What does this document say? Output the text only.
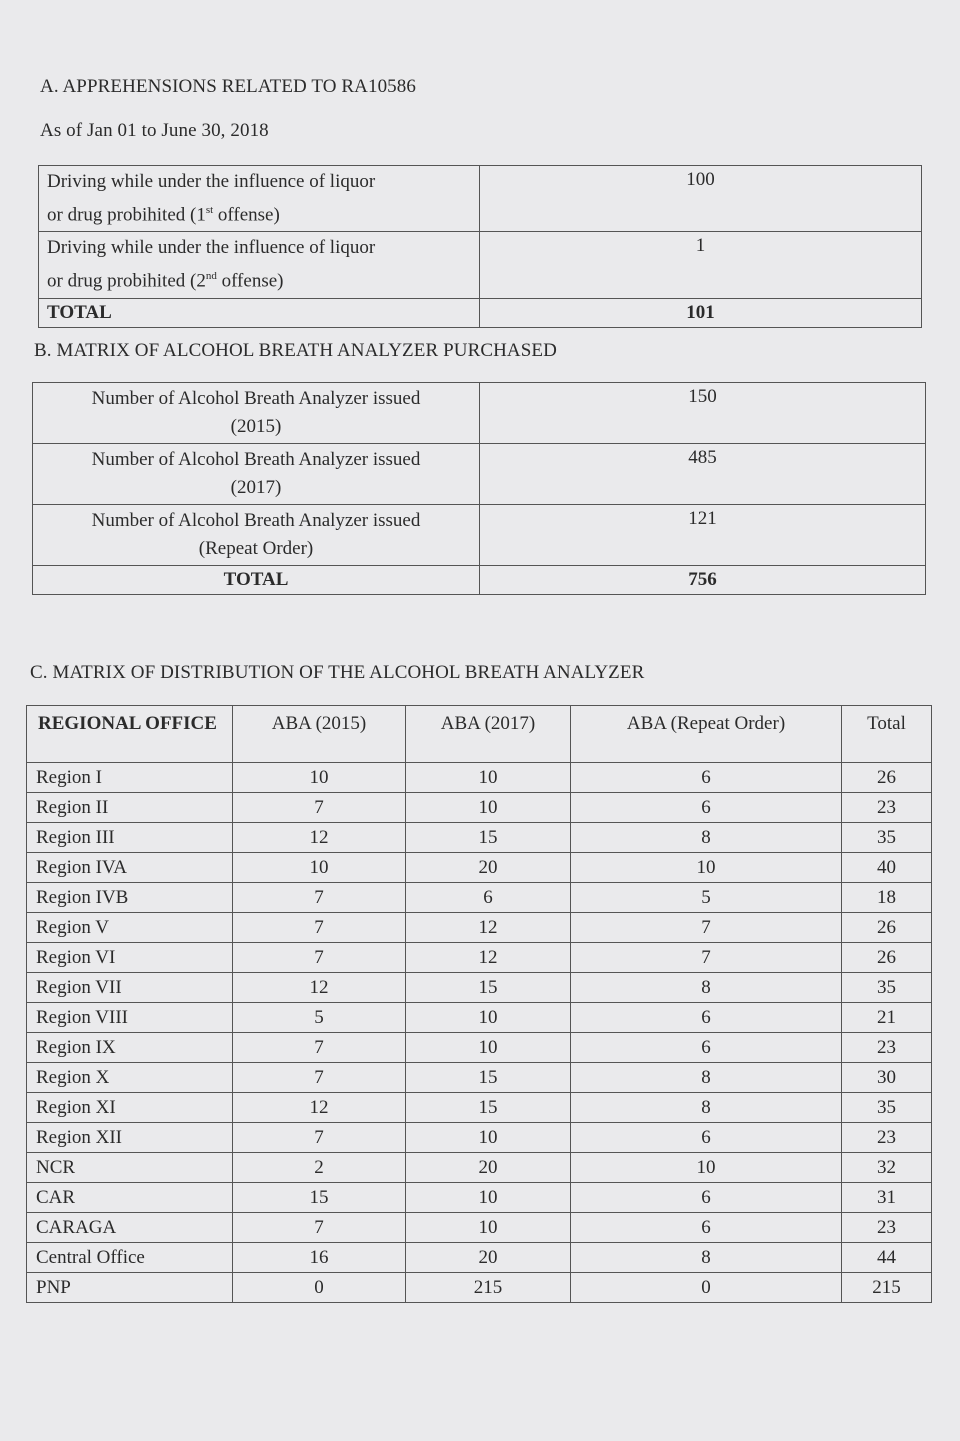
A. APPREHENSIONS RELATED TO RA10586
As of Jan 01 to June 30, 2018
Driving while under the influence of liquor
or drug probihited (1st offense)	100
Driving while under the influence of liquor
or drug probihited (2nd offense)	1
TOTAL	101
B. MATRIX OF ALCOHOL BREATH ANALYZER PURCHASED
Number of Alcohol Breath Analyzer issued
(2015)	150
Number of Alcohol Breath Analyzer issued
(2017)	485
Number of Alcohol Breath Analyzer issued
(Repeat Order)	121
TOTAL	756
C. MATRIX OF DISTRIBUTION OF THE ALCOHOL BREATH ANALYZER
REGIONAL OFFICE	ABA (2015)	ABA (2017)	ABA (Repeat Order)	Total
Region I	10	10	6	26
Region II	7	10	6	23
Region III	12	15	8	35
Region IVA	10	20	10	40
Region IVB	7	6	5	18
Region V	7	12	7	26
Region VI	7	12	7	26
Region VII	12	15	8	35
Region VIII	5	10	6	21
Region IX	7	10	6	23
Region X	7	15	8	30
Region XI	12	15	8	35
Region XII	7	10	6	23
NCR	2	20	10	32
CAR	15	10	6	31
CARAGA	7	10	6	23
Central Office	16	20	8	44
PNP	0	215	0	215
